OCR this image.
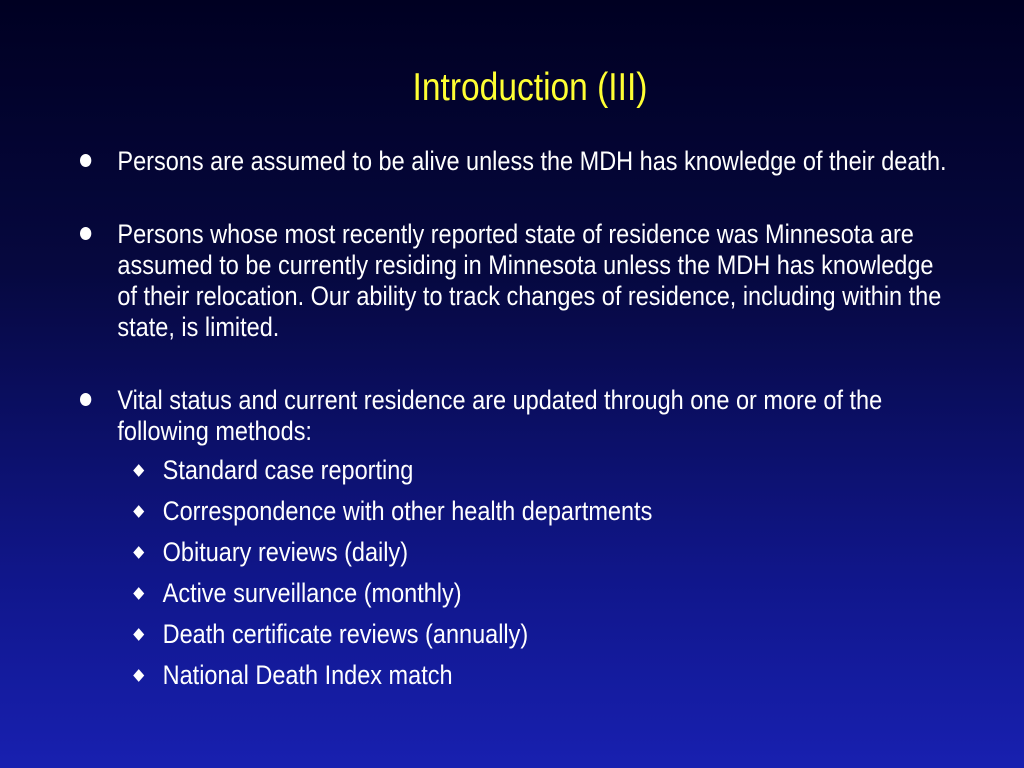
Introduction (III)
Persons are assumed to be alive unless the MDH has knowledge of their death.
Persons whose most recently reported state of residence was Minnesota are assumed to be currently residing in Minnesota unless the MDH has knowledge of their relocation. Our ability to track changes of residence, including within the state, is limited.
Vital status and current residence are updated through one or more of the following methods:
Standard case reporting
Correspondence with other health departments
Obituary reviews (daily)
Active surveillance (monthly)
Death certificate reviews (annually)
National Death Index match
